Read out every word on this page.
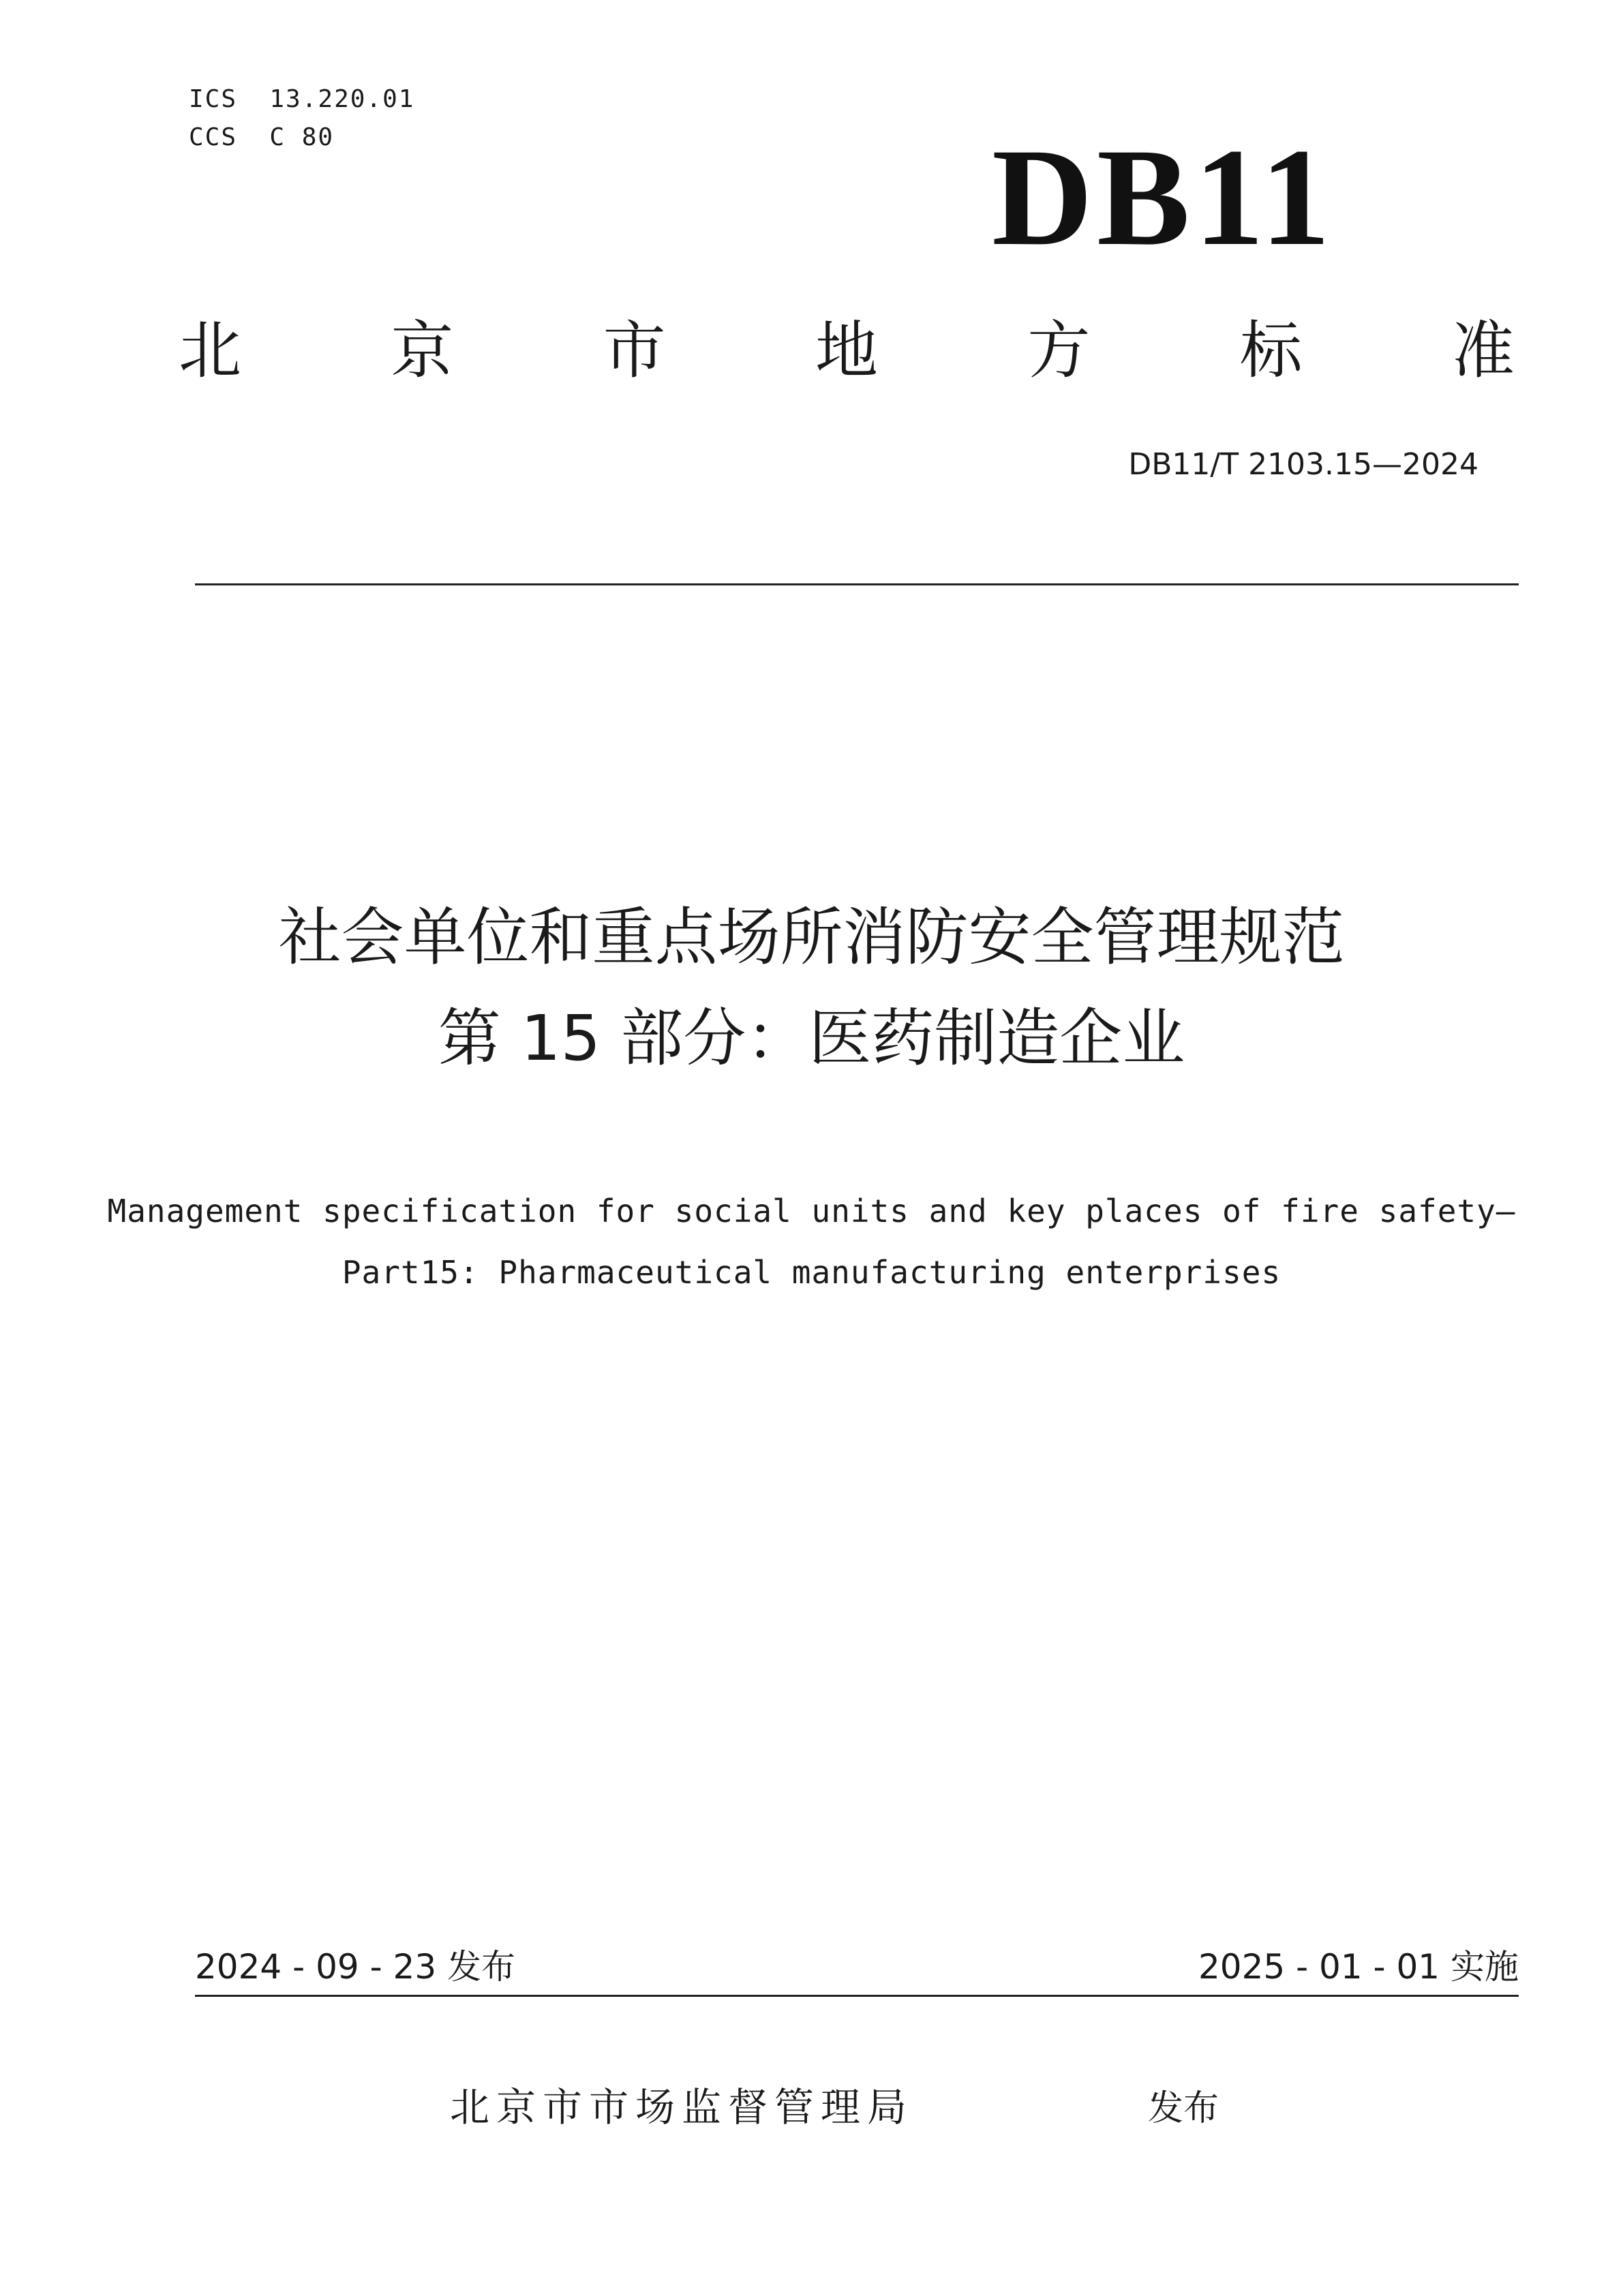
ICS  13.220.01
CCS  C 80	DB11
北 京 市 地 方 标 准
DB11/T 2103.15—2024
社会单位和重点场所消防安全管理规范
第 15 部分：医药制造企业
Management specification for social units and key places of fire safety—
Part15: Pharmaceutical manufacturing enterprises
2024 - 09 - 23 发布	2025 - 01 - 01 实施
北京市市场监督管理局	发布
